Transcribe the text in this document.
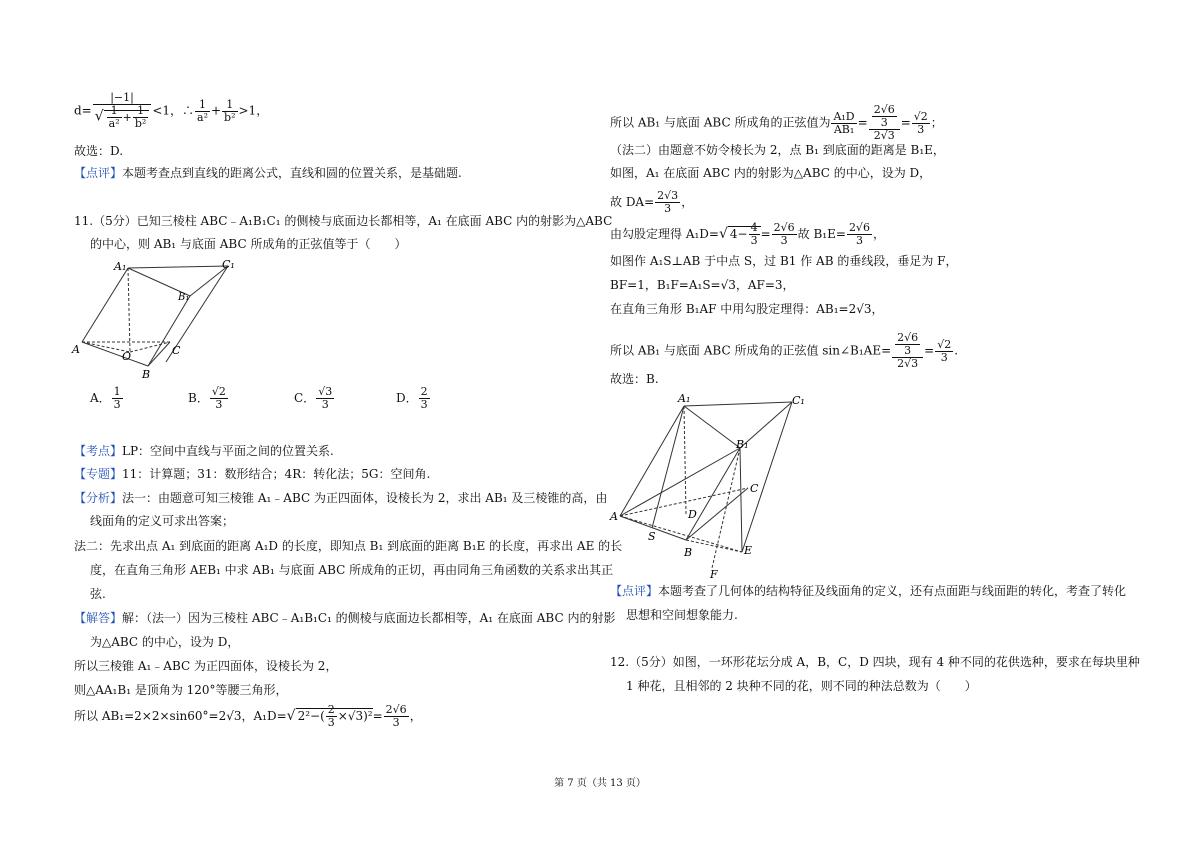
$d= \frac{|-1|}{√ \frac{1}{\text{a²}} + \frac{1}{\text{b²}}} <1$，∴ $\frac{1}{\text{a²}} + \frac{1}{\text{b²}} >1$，
故选：D.
【点评】本题考查点到直线的距离公式，直线和圆的位置关系，是基础题.
11.（5分）已知三棱柱 ABC﹣A₁B₁C₁ 的侧棱与底面边长都相等，A₁ 在底面 ABC 内的射影为△ABC
的中心，则 AB₁ 与底面 ABC 所成角的正弦值等于（　　）
A₁	C₁
B₁
A
O	C
B
A． $\frac{1}{3}$	B． $\frac{√2}{3}$	C． $\frac{√3}{3}$	D． $\frac{2}{3}$
【考点】LP：空间中直线与平面之间的位置关系.
【专题】11：计算题；31：数形结合；4R：转化法；5G：空间角.
【分析】法一：由题意可知三棱锥 A₁﹣ABC 为正四面体，设棱长为 2，求出 AB₁ 及三棱锥的高，由
线面角的定义可求出答案；
法二：先求出点 A₁ 到底面的距离 A₁D 的长度，即知点 B₁ 到底面的距离 B₁E 的长度，再求出 AE 的长
度，在直角三角形 AEB₁ 中求 AB₁ 与底面 ABC 所成角的正切，再由同角三角函数的关系求出其正
弦.
【解答】解：（法一）因为三棱柱 ABC﹣A₁B₁C₁ 的侧棱与底面边长都相等，A₁ 在底面 ABC 内的射影
为△ABC 的中心，设为 D，
所以三棱锥 A₁﹣ABC 为正四面体，设棱长为 2，
则△AA₁B₁ 是顶角为 120°等腰三角形，
所以 AB₁=2×2×sin60°=2√3，A₁D=√ $2^2-( \frac{2}{3} \times√3)^2= \frac{2√6}{3}$ ，
所以 AB₁ 与底面 ABC 所成角的正弦值为 $\frac{\text{A₁D}}{\text{AB₁}} = \frac{\frac{2√6}{3}}{2√3} = \frac{√2}{3}$ ；
（法二）由题意不妨令棱长为 2，点 B₁ 到底面的距离是 B₁E，
如图，A₁ 在底面 ABC 内的射影为△ABC 的中心，设为 D，
故 $DA= \frac{2√3}{3}$ ，
由勾股定理得 A₁D=√ $4- \frac{4}{3} = \frac{2√6}{3}$ 故 $B_1E= \frac{2√6}{3}$ ，
如图作 A₁S⊥AB 于中点 S，过 B1 作 AB 的垂线段，垂足为 F，
BF=1，B₁F=A₁S=√3，AF=3，
在直角三角形 B₁AF 中用勾股定理得：AB₁=2√3，
所以 AB₁ 与底面 ABC 所成角的正弦值 sin∠B₁AE= $\frac{\frac{2√6}{3}}{2√3} = \frac{√2}{3}$ .
故选：B.
A₁	C₁
B₁
C
A	D
S
B	E
F
【点评】本题考查了几何体的结构特征及线面角的定义，还有点面距与线面距的转化，考查了转化
思想和空间想象能力.
12.（5分）如图，一环形花坛分成 A，B，C，D 四块，现有 4 种不同的花供选种，要求在每块里种
1 种花，且相邻的 2 块种不同的花，则不同的种法总数为（　　）
第 7 页（共 13 页）
